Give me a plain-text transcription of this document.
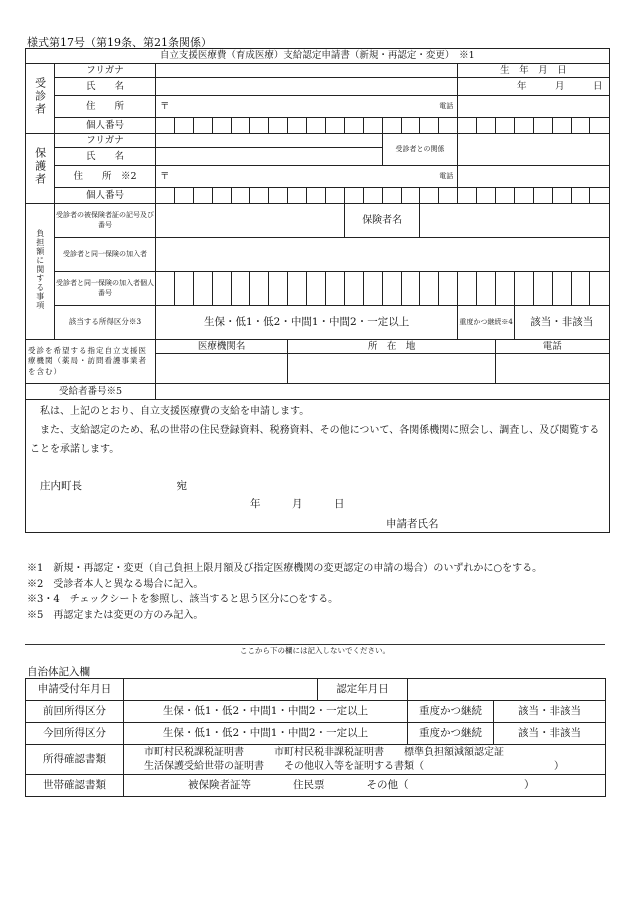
様式第17号（第19条、第21条関係）
自立支援医療費（育成医療）支給認定申請書（新規・再認定・変更）　※1																									
受診者	フリガナ																	生　年　月　日							
	氏　　名																	年　　　月　　　日							
	住　　所	〒												電話											
	個人番号																								
保護者	フリガナ													受診者との関係											
	氏　　名																								
	住　　所　※2	〒												電話											
	個人番号																								
負担額に関する事項	受診者の被保険者証の記号及び番号											保険者名													
	受診者と同一保険の加入者																								
	受診者と同一保険の加入者個人番号																								
	該当する所得区分※3	生保・低1・低2・中間1・中間2・一定以上																重度かつ継続※4			該当・非該当				
受診を希望する指定自立支援医療機関（薬局・訪問看護事業者を含む）		医療機関名							所　在　地											電話					

受給者番号※5																									

私は、上記のとおり、自立支援医療費の支給を申請します。

また、支給認定のため、私の世帯の住民登録資料、税務資料、その他について、各関係機関に照会し、調査し、及び閲覧することを承諾します。

庄内町長　　　　　　　　　宛
年　　　月　　　日
申請者氏名																									
※1　新規・再認定・変更（自己負担上限月額及び指定医療機関の変更認定の申請の場合）のいずれかに○をする。
※2　受診者本人と異なる場合に記入。
※3・4　チェックシートを参照し、該当すると思う区分に○をする。
※5　再認定または変更の方のみ記入。
ここから下の欄には記入しないでください。
自治体記入欄
申請受付年月日		認定年月日		
前回所得区分	生保・低1・低2・中間1・中間2・一定以上		重度かつ継続	該当・非該当
今回所得区分	生保・低1・低2・中間1・中間2・一定以上		重度かつ継続	該当・非該当
所得確認書類	市町村民税課税証明書　　　市町村民税非課税証明書　　標準負担額減額認定証
生活保護受給世帯の証明書　　その他収入等を証明する書類（　　　　　　　　　　　　　）			

世帯確認書類	被保険者証等　　　　住民票　　　　その他（　　　　　　　　　　　）			
